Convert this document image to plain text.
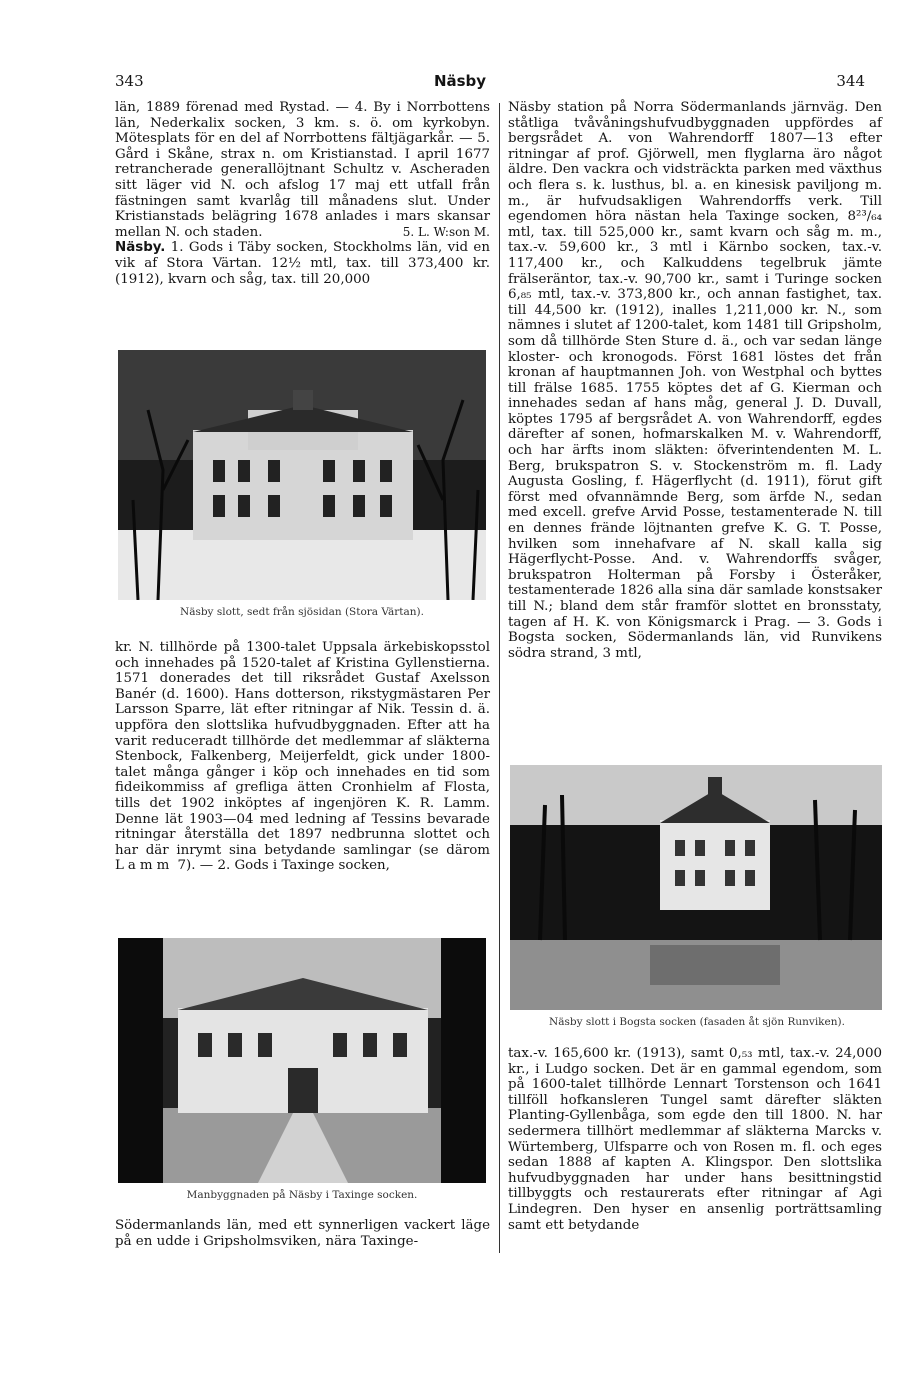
343	Näsby	344

län, 1889 förenad med Rystad. — 4. By i Norrbottens län, Nederkalix socken, 3 km. s. ö. om kyrkobyn. Mötesplats för en del af Norrbottens fältjägarkår. — 5. Gård i Skåne, strax n. om Kristianstad. I april 1677 retrancherade generallöjtnant Schultz v. Ascheraden sitt läger vid N. och afslog 17 maj ett utfall från fästningen samt kvarlåg till månadens slut. Under Kristianstads belägring 1678 anlades i mars skansar mellan N. och staden.	5. L. W:son M.

Näsby. 1. Gods i Täby socken, Stockholms län, vid en vik af Stora Värtan. 12½ mtl, tax. till 373,400 kr. (1912), kvarn och såg, tax. till 20,000

Näsby slott, sedt från sjösidan (Stora Värtan).

kr. N. tillhörde på 1300-talet Uppsala ärkebiskopsstol och innehades på 1520-talet af Kristina Gyllenstierna. 1571 donerades det till riksrådet Gustaf Axelsson Banér (d. 1600). Hans dotterson, rikstygmästaren Per Larsson Sparre, lät efter ritningar af Nik. Tessin d. ä. uppföra den slottslika hufvudbyggnaden. Efter att ha varit reduceradt tillhörde det medlemmar af släkterna Stenbock, Falkenberg, Meijerfeldt, gick under 1800-talet många gånger i köp och innehades en tid som fideikommiss af grefliga ätten Cronhielm af Flosta, tills det 1902 inköptes af ingenjören K. R. Lamm. Denne lät 1903—04 med ledning af Tessins bevarade ritningar återställa det 1897 nedbrunna slottet och har där inrymt sina betydande samlingar (se därom Lamm 7). — 2. Gods i Taxinge socken,

Manbyggnaden på Näsby i Taxinge socken.

Södermanlands län, med ett synnerligen vackert läge på en udde i Gripsholmsviken, nära Taxinge-

Näsby station på Norra Södermanlands järnväg. Den ståtliga tvåvåningshufvudbyggnaden uppfördes af bergsrådet A. von Wahrendorff 1807—13 efter ritningar af prof. Gjörwell, men flyglarna äro något äldre. Den vackra och vidsträckta parken med växthus och flera s. k. lusthus, bl. a. en kinesisk paviljong m. m., är hufvudsakligen Wahrendorffs verk. Till egendomen höra nästan hela Taxinge socken, 8²³/₆₄ mtl, tax. till 525,000 kr., samt kvarn och såg m. m., tax.-v. 59,600 kr., 3 mtl i Kärnbo socken, tax.-v. 117,400 kr., och Kalkuddens tegelbruk jämte frälseräntor, tax.-v. 90,700 kr., samt i Turinge socken 6,₈₅ mtl, tax.-v. 373,800 kr., och annan fastighet, tax. till 44,500 kr. (1912), inalles 1,211,000 kr. N., som nämnes i slutet af 1200-talet, kom 1481 till Gripsholm, som då tillhörde Sten Sture d. ä., och var sedan länge kloster- och kronogods. Först 1681 löstes det från kronan af hauptmannen Joh. von Westphal och byttes till frälse 1685. 1755 köptes det af G. Kierman och innehades sedan af hans måg, general J. D. Duvall, köptes 1795 af bergsrådet A. von Wahrendorff, egdes därefter af sonen, hofmarskalken M. v. Wahrendorff, och har ärfts inom släkten: öfverintendenten M. L. Berg, brukspatron S. v. Stockenström m. fl. Lady Augusta Gosling, f. Hägerflycht (d. 1911), förut gift först med ofvannämnde Berg, som ärfde N., sedan med excell. grefve Arvid Posse, testamenterade N. till en dennes frände löjtnanten grefve K. G. T. Posse, hvilken som innehafvare af N. skall kalla sig Hägerflycht-Posse. And. v. Wahrendorffs svåger, brukspatron Holterman på Forsby i Österåker, testamenterade 1826 alla sina där samlade konstsaker till N.; bland dem står framför slottet en bronsstaty, tagen af H. K. von Königsmarck i Prag. — 3. Gods i Bogsta socken, Södermanlands län, vid Runvikens södra strand, 3 mtl,

Näsby slott i Bogsta socken (fasaden åt sjön Runviken).

tax.-v. 165,600 kr. (1913), samt 0,₅₃ mtl, tax.-v. 24,000 kr., i Ludgo socken. Det är en gammal egendom, som på 1600-talet tillhörde Lennart Torstenson och 1641 tillföll hofkansleren Tungel samt därefter släkten Planting-Gyllenbåga, som egde den till 1800. N. har sedermera tillhört medlemmar af släkterna Marcks v. Würtemberg, Ulfsparre och von Rosen m. fl. och eges sedan 1888 af kapten A. Klingspor. Den slottslika hufvudbyggnaden har under hans besittningstid tillbyggts och restaurerats efter ritningar af Agi Lindegren. Den hyser en ansenlig porträttsamling samt ett betydande
